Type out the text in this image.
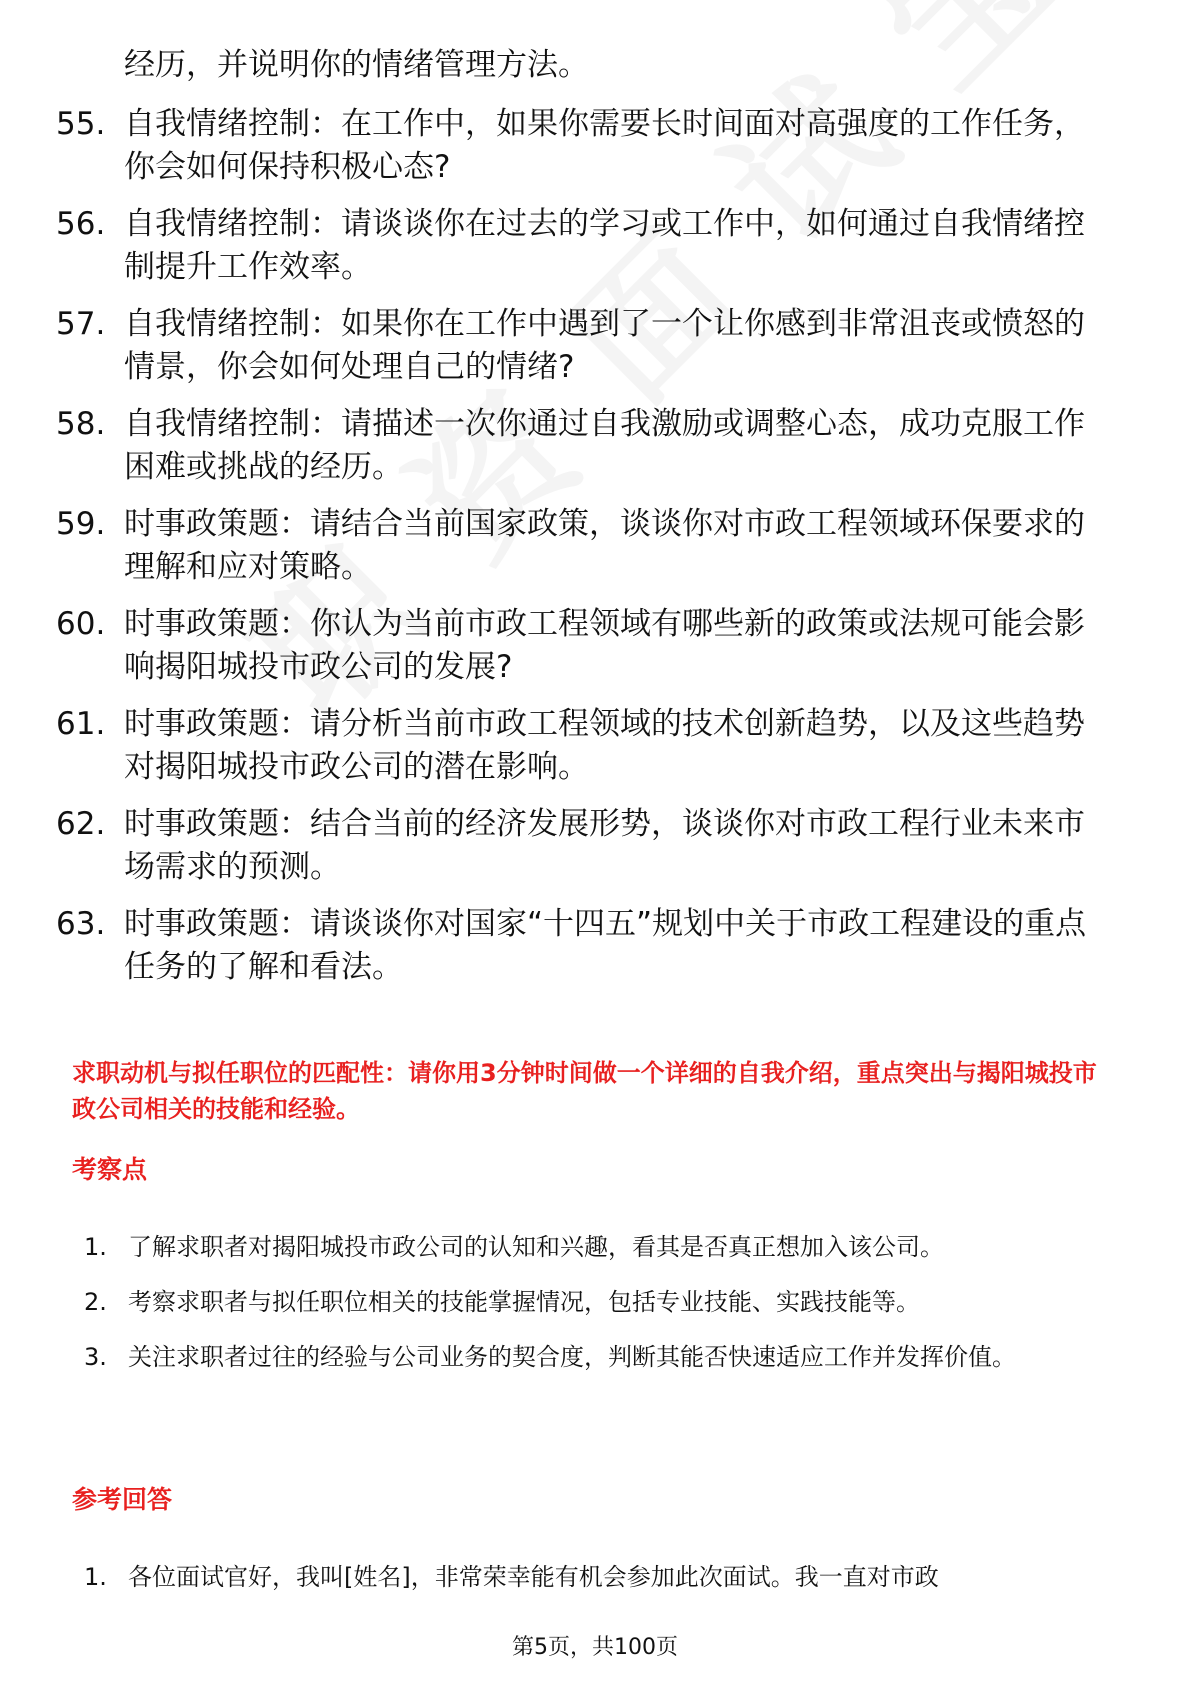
经历，并说明你的情绪管理方法。
55. 自我情绪控制：在工作中，如果你需要长时间面对高强度的工作任务，你会如何保持积极心态?
56. 自我情绪控制：请谈谈你在过去的学习或工作中，如何通过自我情绪控制提升工作效率。
57. 自我情绪控制：如果你在工作中遇到了一个让你感到非常沮丧或愤怒的情景，你会如何处理自己的情绪?
58. 自我情绪控制：请描述一次你通过自我激励或调整心态，成功克服工作困难或挑战的经历。
59. 时事政策题：请结合当前国家政策，谈谈你对市政工程领域环保要求的理解和应对策略。
60. 时事政策题：你认为当前市政工程领域有哪些新的政策或法规可能会影响揭阳城投市政公司的发展?
61. 时事政策题：请分析当前市政工程领域的技术创新趋势，以及这些趋势对揭阳城投市政公司的潜在影响。
62. 时事政策题：结合当前的经济发展形势，谈谈你对市政工程行业未来市场需求的预测。
63. 时事政策题：请谈谈你对国家“十四五”规划中关于市政工程建设的重点任务的了解和看法。
求职动机与拟任职位的匹配性：请你用3分钟时间做一个详细的自我介绍，重点突出与揭阳城投市政公司相关的技能和经验。
考察点
1. 了解求职者对揭阳城投市政公司的认知和兴趣，看其是否真正想加入该公司。
2. 考察求职者与拟任职位相关的技能掌握情况，包括专业技能、实践技能等。
3. 关注求职者过往的经验与公司业务的契合度，判断其能否快速适应工作并发挥价值。
参考回答
1. 各位面试官好，我叫[姓名]，非常荣幸能有机会参加此次面试。我一直对市政
第5页，共100页
